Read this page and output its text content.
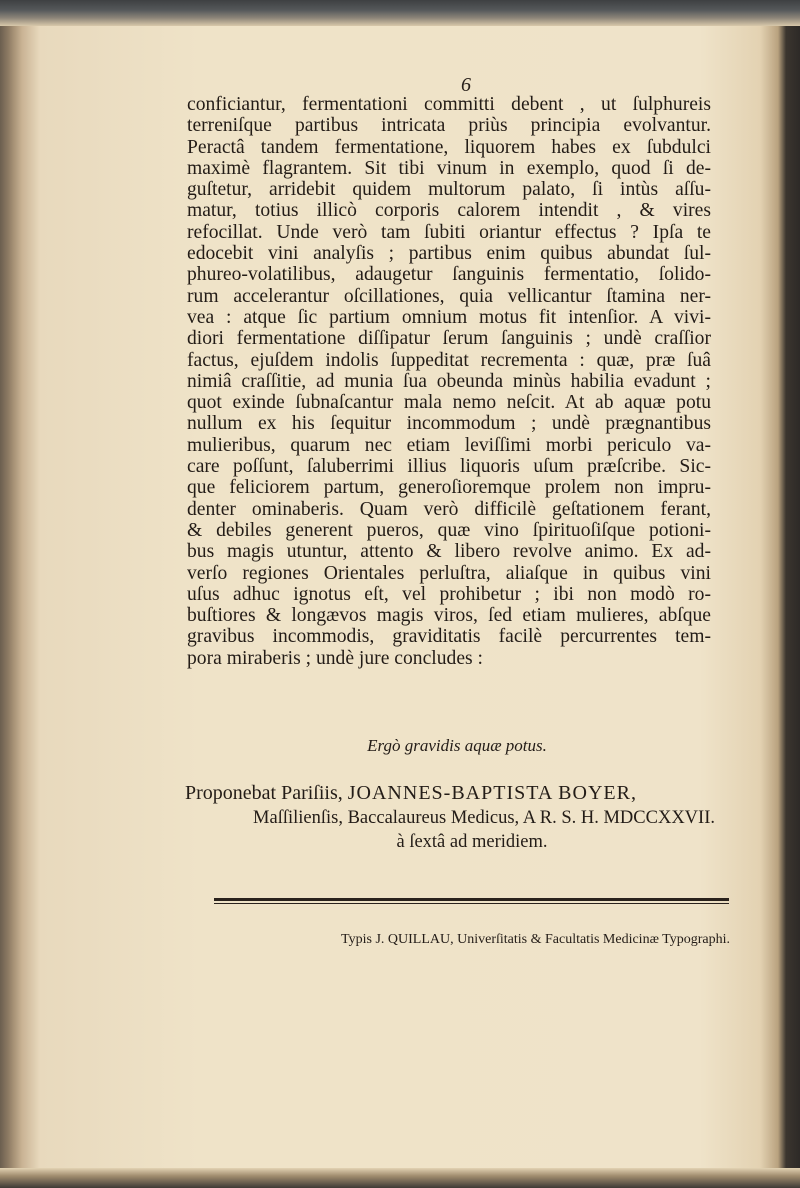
6
conficiantur, fermentationi committi debent , ut ſulphureis
terreniſque partibus intricata priùs principia evolvantur.
Peractâ tandem fermentatione, liquorem habes ex ſubdulci
maximè flagrantem. Sit tibi vinum in exemplo, quod ſi de-
guſtetur, arridebit quidem multorum palato, ſi intùs aſſu-
matur, totius illicò corporis calorem intendit , & vires
refocillat. Unde verò tam ſubiti oriantur effectus ? Ipſa te
edocebit vini analyſis ; partibus enim quibus abundat ſul-
phureo-volatilibus, adaugetur ſanguinis fermentatio, ſolido-
rum accelerantur oſcillationes, quia vellicantur ſtamina ner-
vea : atque ſic partium omnium motus fit intenſior. A vivi-
diori fermentatione diſſipatur ſerum ſanguinis ; undè craſſior
factus, ejuſdem indolis ſuppeditat recrementa : quæ, præ ſuâ
nimiâ craſſitie, ad munia ſua obeunda minùs habilia evadunt ;
quot exinde ſubnaſcantur mala nemo neſcit. At ab aquæ potu
nullum ex his ſequitur incommodum ; undè prægnantibus
mulieribus, quarum nec etiam leviſſimi morbi periculo va-
care poſſunt, ſaluberrimi illius liquoris uſum præſcribe. Sic-
que feliciorem partum, generoſioremque prolem non impru-
denter ominaberis. Quam verò difficilè geſtationem ferant,
& debiles generent pueros, quæ vino ſpirituoſiſque potioni-
bus magis utuntur, attento & libero revolve animo. Ex ad-
verſo regiones Orientales perluſtra, aliaſque in quibus vini
uſus adhuc ignotus eſt, vel prohibetur ; ibi non modò ro-
buſtiores & longævos magis viros, ſed etiam mulieres, abſque
gravibus incommodis, graviditatis facilè percurrentes tem-
pora miraberis ; undè jure concludes :
Ergò gravidis aquæ potus.
Proponebat Pariſiis, JOANNES-BAPTISTA BOYER,
Maſſilienſis, Baccalaureus Medicus, A R. S. H. MDCCXXVII.
à ſextâ ad meridiem.
Typis J. QUILLAU, Univerſitatis & Facultatis Medicinæ Typographi.
